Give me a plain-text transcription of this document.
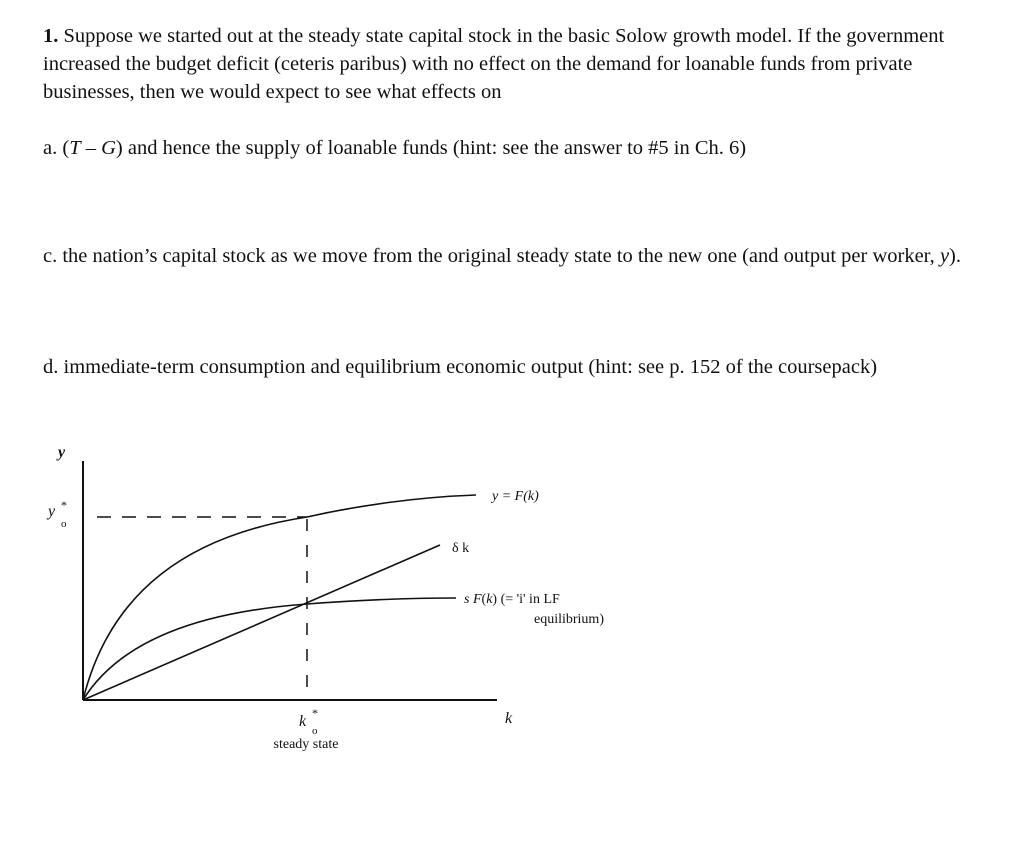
1. Suppose we started out at the steady state capital stock in the basic Solow growth model. If the government increased the budget deficit (ceteris paribus) with no effect on the demand for loanable funds from private businesses, then we would expect to see what effects on
a. (T – G) and hence the supply of loanable funds (hint: see the answer to #5 in Ch. 6)
c. the nation’s capital stock as we move from the original steady state to the new one (and output per worker, y).
d. immediate-term consumption and equilibrium economic output (hint: see p. 152 of the coursepack)
y
k
y *
o
k *
o
steady state
y = F(k)
δ k
s F(k) (= 'i' in LF
equilibrium)
